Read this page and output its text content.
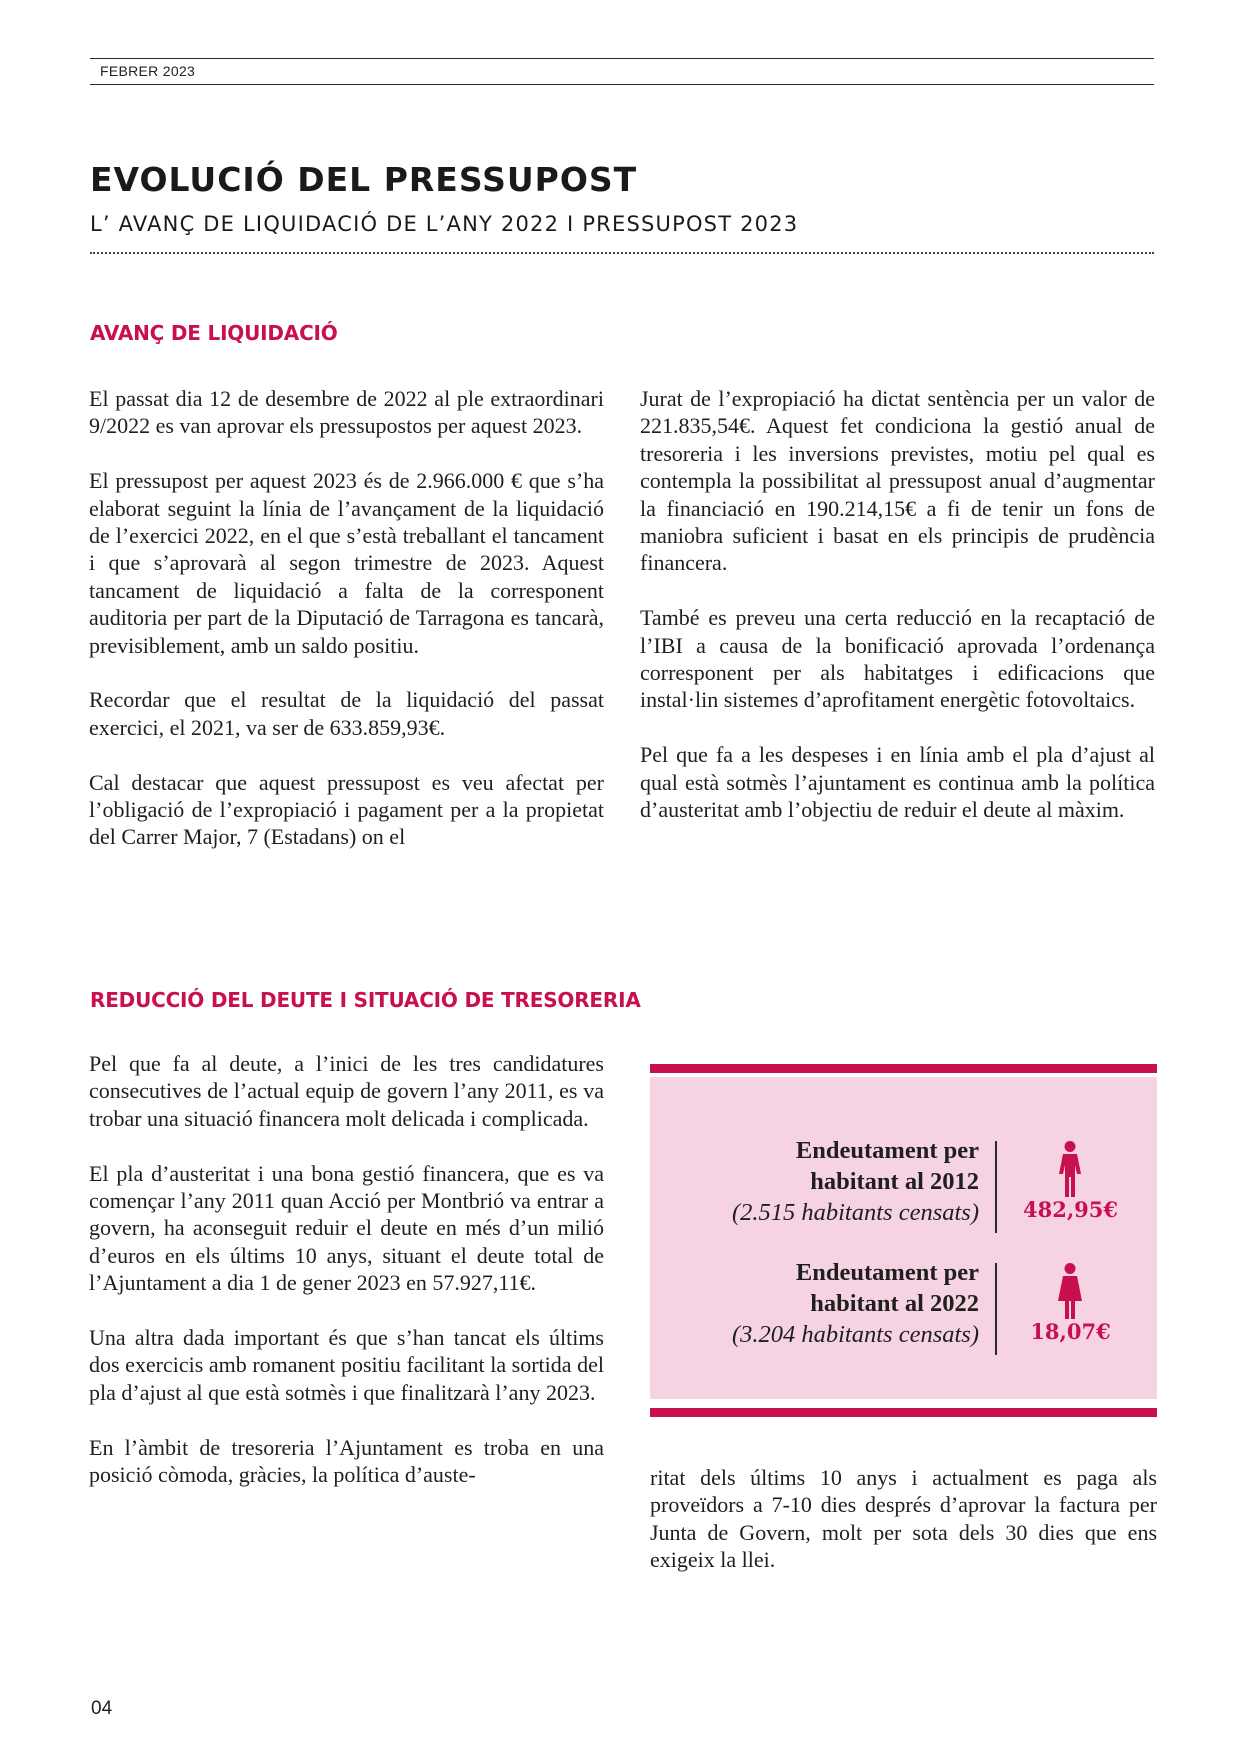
FEBRER 2023
EVOLUCIÓ DEL PRESSUPOST
L’ AVANÇ DE LIQUIDACIÓ DE L’ANY 2022 I PRESSUPOST 2023
AVANÇ DE LIQUIDACIÓ

El passat dia 12 de desembre de 2022 al ple extraordinari 9/2022 es van aprovar els pressupostos per aquest 2023.

El pressupost per aquest 2023 és de 2.966.000 € que s’ha elaborat seguint la línia de l’avançament de la liquidació de l’exercici 2022, en el que s’està treballant el tancament i que s’aprovarà al segon trimestre de 2023. Aquest tancament de liquidació a falta de la corresponent auditoria per part de la Diputació de Tarragona es tancarà, previsiblement, amb un saldo positiu.

Recordar que el resultat de la liquidació del passat exercici, el 2021, va ser de 633.859,93€.

Cal destacar que aquest pressupost es veu afectat per l’obligació de l’expropiació i pagament per a la propietat del Carrer Major, 7 (Estadans) on el

Jurat de l’expropiació ha dictat sentència per un valor de 221.835,54€. Aquest fet condiciona la gestió anual de tresoreria i les inversions previstes, motiu pel qual es contempla la possibilitat al pressupost anual d’augmentar la financiació en 190.214,15€ a fi de tenir un fons de maniobra suficient i basat en els principis de prudència financera.

També es preveu una certa reducció en la recaptació de l’IBI a causa de la bonificació aprovada l’ordenança corresponent per als habitatges i edificacions que instal·lin sistemes d’aprofitament energètic fotovoltaics.

Pel que fa a les despeses i en línia amb el pla d’ajust al qual està sotmès l’ajuntament es continua amb la política d’austeritat amb l’objectiu de reduir el deute al màxim.

REDUCCIÓ DEL DEUTE I SITUACIÓ DE TRESORERIA

Pel que fa al deute, a l’inici de les tres candidatures consecutives de l’actual equip de govern l’any 2011, es va trobar una situació financera molt delicada i complicada.

El pla d’austeritat i una bona gestió financera, que es va començar l’any 2011 quan Acció per Montbrió va entrar a govern, ha aconseguit reduir el deute en més d’un milió d’euros en els últims 10 anys, situant el deute total de l’Ajuntament a dia 1 de gener 2023 en 57.927,11€.

Una altra dada important és que s’han tancat els últims dos exercicis amb romanent positiu facilitant la sortida del pla d’ajust al que està sotmès i que finalitzarà l’any 2023.

En l’àmbit de tresoreria l’Ajuntament es troba en una posició còmoda, gràcies, la política d’auste-

Endeutament per
habitant al 2012
(2.515 habitants censats)	482,95€
Endeutament per
habitant al 2022
(3.204 habitants censats)	18,07€

ritat dels últims 10 anys i actualment es paga als proveïdors a 7-10 dies després d’aprovar la factura per Junta de Govern, molt per sota dels 30 dies que ens exigeix la llei.

04
